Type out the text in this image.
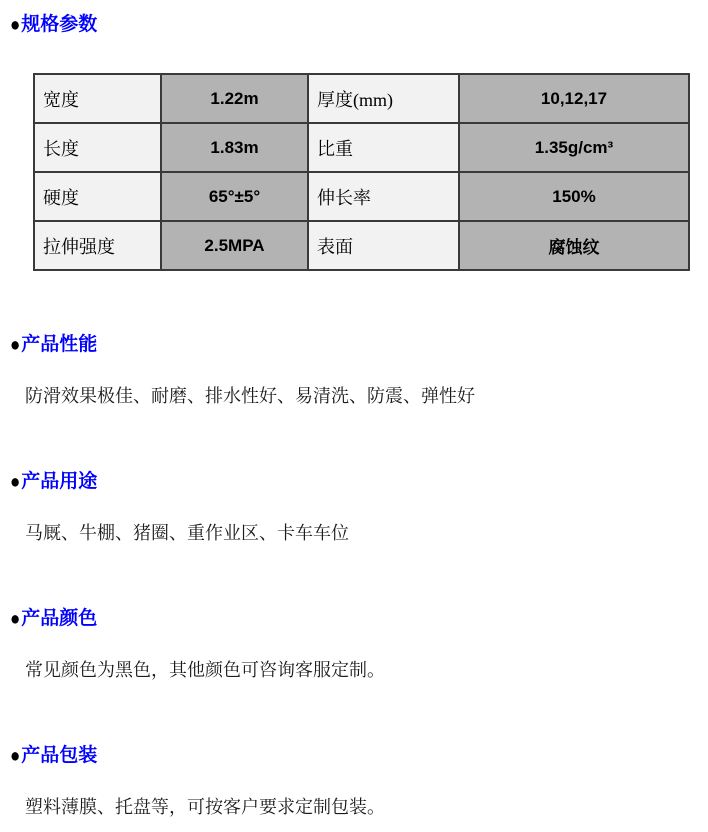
● 规格参数
宽度	1.22m	厚度(mm)	10,12,17
长度	1.83m	比重	1.35g/cm³
硬度	65°±5°	伸长率	150%
拉伸强度	2.5MPA	表面	腐蚀纹
● 产品性能
防滑效果极佳、耐磨、排水性好、易清洗、防震、弹性好
● 产品用途
马厩、牛棚、猪圈、重作业区、卡车车位
● 产品颜色
常见颜色为黑色，其他颜色可咨询客服定制。
● 产品包装
塑料薄膜、托盘等，可按客户要求定制包装。
